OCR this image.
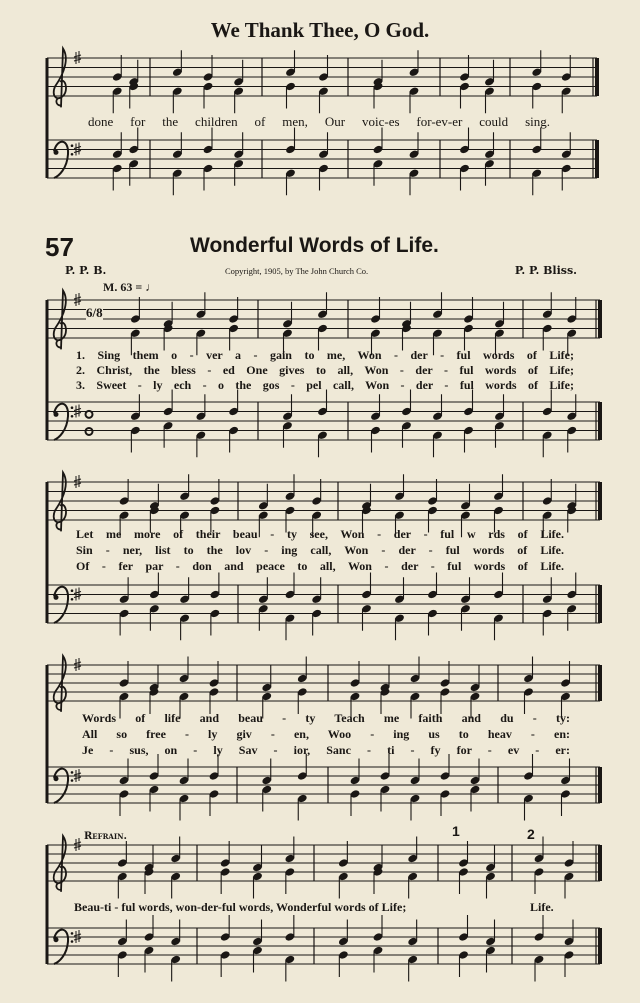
We Thank Thee, O God.
done for the children of men, Our voic-es for-ev-er could sing.
57	Wonderful Words of Life.
P. P. B.	Copyright, 1905, by The John Church Co.	P. P. Bliss.
M. 63 = ♩
6/8
1. Sing them o - ver a - gain to me, Won - der - ful words of Life;
2. Christ, the bless - ed One gives to all, Won - der - ful words of Life;
3. Sweet - ly ech - o the gos - pel call, Won - der - ful words of Life;
Let me more of their beau - ty see, Won - der - ful w rds of Life.
Sin - ner, list to the lov - ing call, Won - der - ful words of Life.
Of - fer par - don and peace to all, Won - der - ful words of Life.
Words of life and beau - ty Teach me faith and du - ty:
All so free - ly giv - en, Woo - ing us to heav - en:
Je - sus, on - ly Sav - ior, Sanc - ti - fy for - ev - er:
Refrain.	1	2
Beau-ti - ful words, won-der-ful words, Wonderful words of Life;	Life.
